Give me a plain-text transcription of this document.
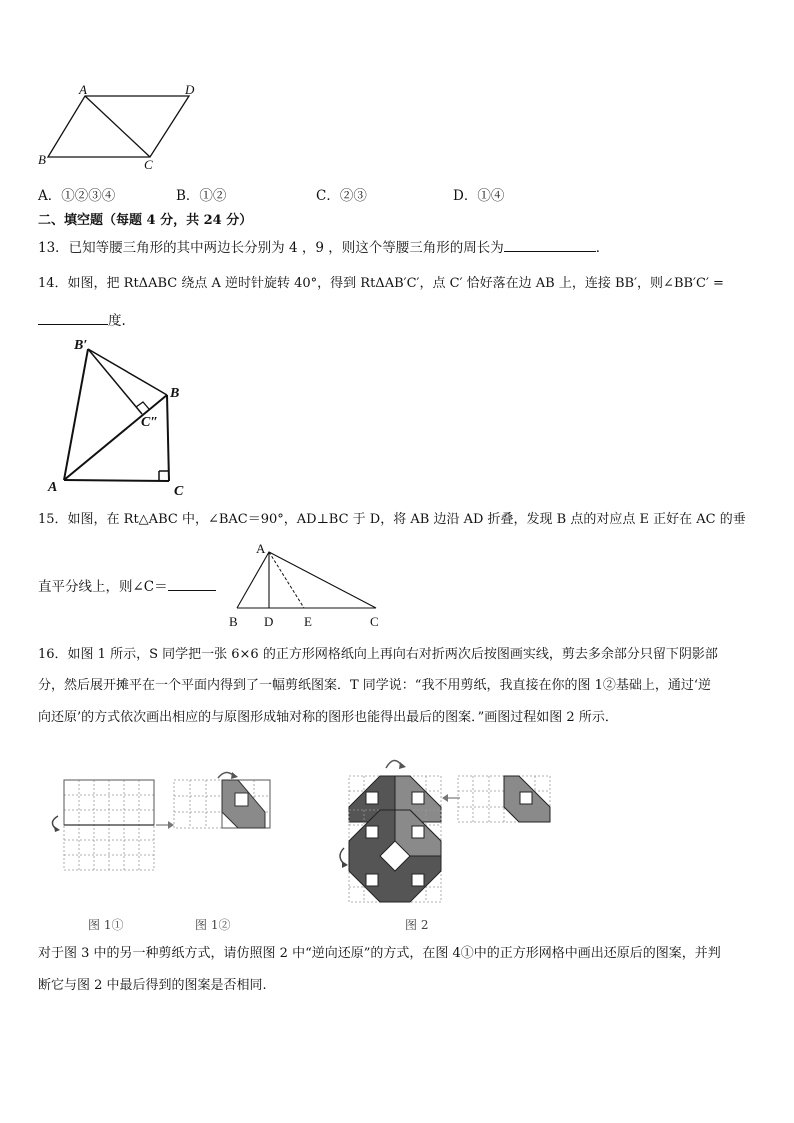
A	D
B	C
A．①②③④	B．①②	C．②③	D．①④
二、填空题（每题 4 分，共 24 分）
13．已知等腰三角形的其中两边长分别为 4 ，9 ，则这个等腰三角形的周长为	．
14．如图，把 RtΔABC 绕点 A 逆时针旋转 40°，得到 RtΔAB′C′，点 C′ 恰好落在边 AB 上，连接 BB′，则∠BB′C′ =
度.
B′
B
C″
A	C
15．如图，在 Rt△ABC 中，∠BAC＝90°，AD⊥BC 于 D，将 AB 边沿 AD 折叠，发现 B 点的对应点 E 正好在 AC 的垂
直平分线上，则∠C＝
A
B D E	C
16．如图 1 所示，S 同学把一张 6×6 的正方形网格纸向上再向右对折两次后按图画实线，剪去多余部分只留下阴影部
分，然后展开摊平在一个平面内得到了一幅剪纸图案．T 同学说：“我不用剪纸，我直接在你的图 1②基础上，通过‘逆
向还原’的方式依次画出相应的与原图形成轴对称的图形也能得出最后的图案．”画图过程如图 2 所示．
图 1①	图 1②	图 2
对于图 3 中的另一种剪纸方式，请仿照图 2 中“逆向还原”的方式，在图 4①中的正方形网格中画出还原后的图案，并判
断它与图 2 中最后得到的图案是否相同.
